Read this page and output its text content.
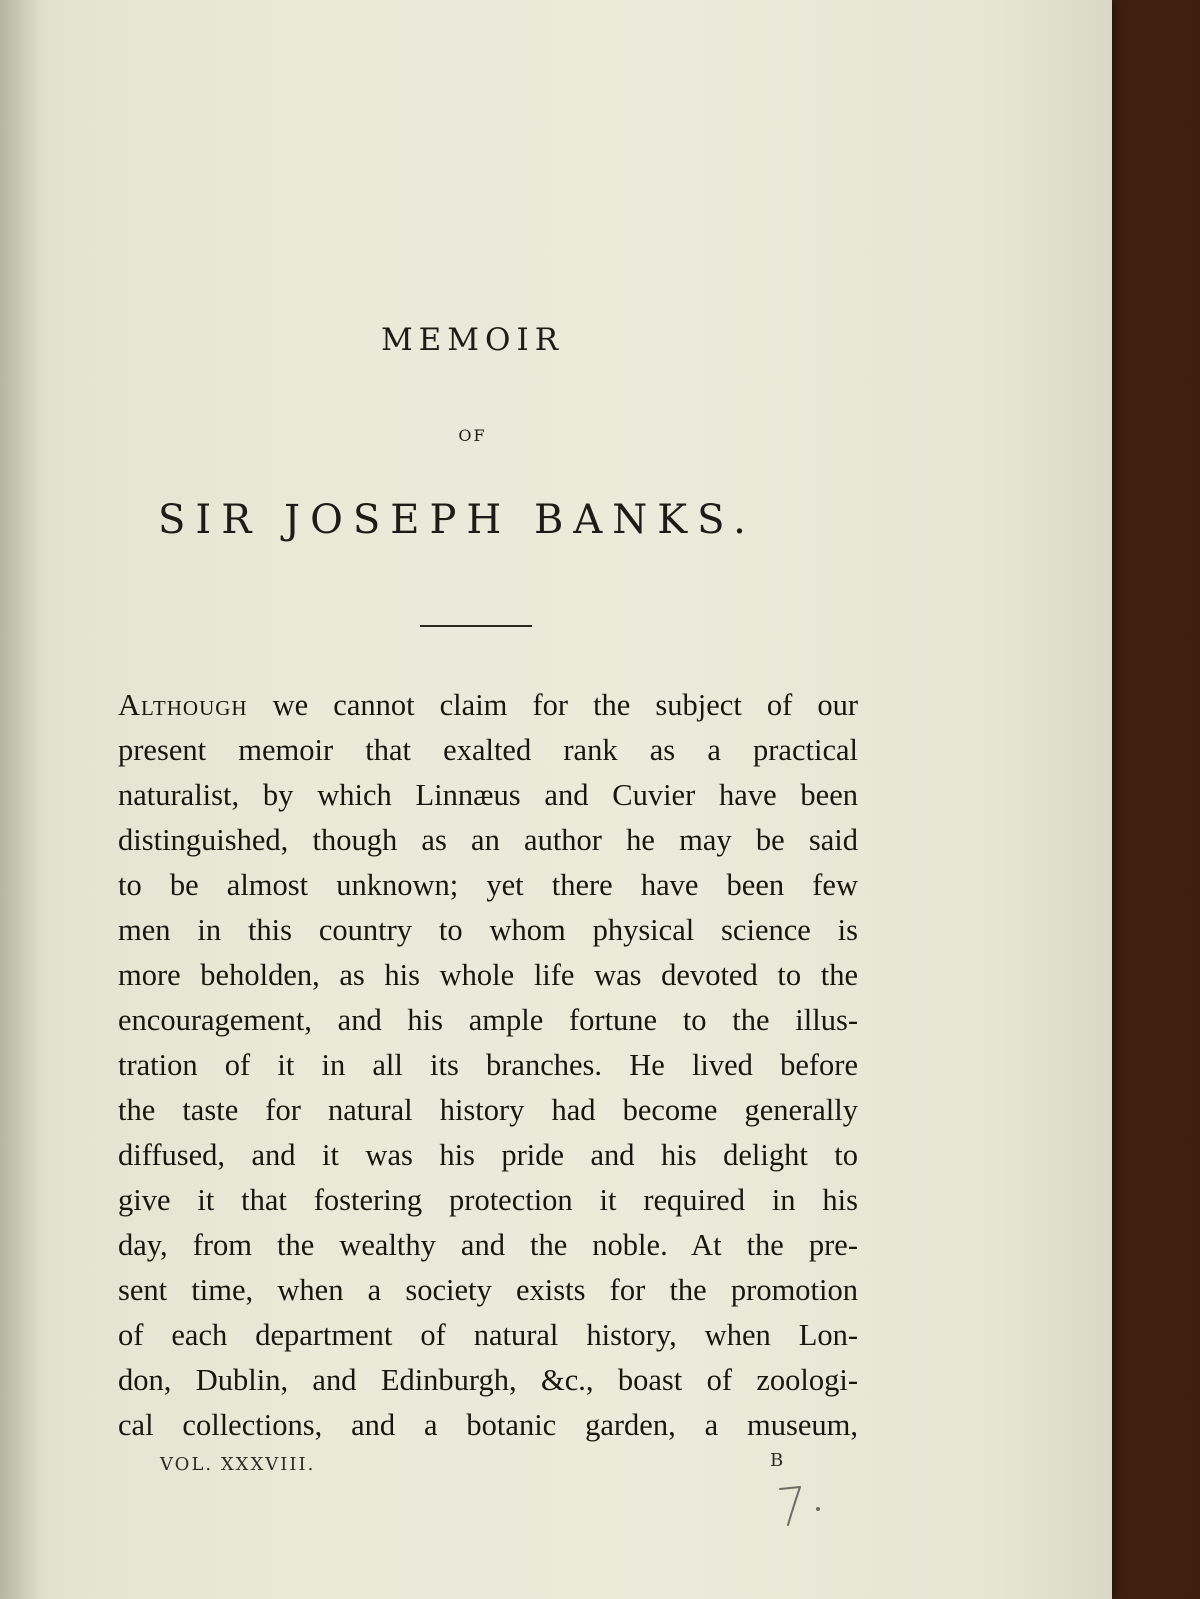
MEMOIR
OF
SIR JOSEPH BANKS.
Although we cannot claim for the subject of our
present memoir that exalted rank as a practical
naturalist, by which Linnæus and Cuvier have been
distinguished, though as an author he may be said
to be almost unknown; yet there have been few
men in this country to whom physical science is
more beholden, as his whole life was devoted to the
encouragement, and his ample fortune to the illus-
tration of it in all its branches. He lived before
the taste for natural history had become generally
diffused, and it was his pride and his delight to
give it that fostering protection it required in his
day, from the wealthy and the noble. At the pre-
sent time, when a society exists for the promotion
of each department of natural history, when Lon-
don, Dublin, and Edinburgh, &c., boast of zoologi-
cal collections, and a botanic garden, a museum,
VOL. XXXVIII.	B
